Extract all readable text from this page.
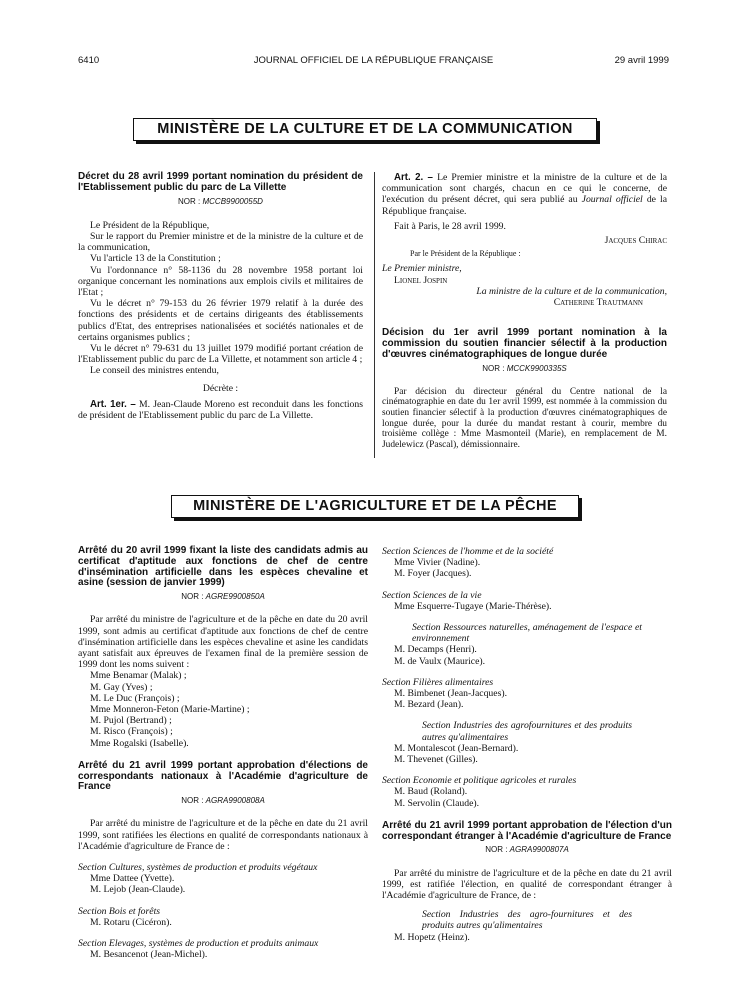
6410	JOURNAL OFFICIEL DE LA RÉPUBLIQUE FRANÇAISE	29 avril 1999
MINISTÈRE DE LA CULTURE ET DE LA COMMUNICATION

Décret du 28 avril 1999 portant nomination du président de l'Etablissement public du parc de La Villette

NOR : MCCB9900055D

Le Président de la République,

Sur le rapport du Premier ministre et de la ministre de la culture et de la communication,

Vu l'article 13 de la Constitution ;

Vu l'ordonnance n° 58-1136 du 28 novembre 1958 portant loi organique concernant les nominations aux emplois civils et militaires de l'Etat ;

Vu le décret n° 79-153 du 26 février 1979 relatif à la durée des fonctions des présidents et de certains dirigeants des établissements publics d'Etat, des entreprises nationalisées et sociétés nationales et de certains organismes publics ;

Vu le décret n° 79-631 du 13 juillet 1979 modifié portant création de l'Etablissement public du parc de La Villette, et notamment son article 4 ;

Le conseil des ministres entendu,

Décrète :

Art. 1er. – M. Jean-Claude Moreno est reconduit dans les fonctions de président de l'Etablissement public du parc de La Villette.

Art. 2. – Le Premier ministre et la ministre de la culture et de la communication sont chargés, chacun en ce qui le concerne, de l'exécution du présent décret, qui sera publié au Journal officiel de la République française.

Fait à Paris, le 28 avril 1999.

Jacques Chirac

Par le Président de la République :

Le Premier ministre,

Lionel Jospin

La ministre de la culture et de la communication,

Catherine Trautmann

Décision du 1er avril 1999 portant nomination à la commission du soutien financier sélectif à la production d'œuvres cinématographiques de longue durée

NOR : MCCK9900335S

Par décision du directeur général du Centre national de la cinématographie en date du 1er avril 1999, est nommée à la commission du soutien financier sélectif à la production d'œuvres cinématographiques de longue durée, pour la durée du mandat restant à courir, membre du troisième collège : Mme Masmonteil (Marie), en remplacement de M. Judelewicz (Pascal), démissionnaire.

MINISTÈRE DE L'AGRICULTURE ET DE LA PÊCHE

Arrêté du 20 avril 1999 fixant la liste des candidats admis au certificat d'aptitude aux fonctions de chef de centre d'insémination artificielle dans les espèces chevaline et asine (session de janvier 1999)

NOR : AGRE9900850A

Par arrêté du ministre de l'agriculture et de la pêche en date du 20 avril 1999, sont admis au certificat d'aptitude aux fonctions de chef de centre d'insémination artificielle dans les espèces chevaline et asine les candidats ayant satisfait aux épreuves de l'examen final de la première session de 1999 dont les noms suivent :

Mme Benamar (Malak) ;

M. Gay (Yves) ;

M. Le Duc (François) ;

Mme Monneron-Feton (Marie-Martine) ;

M. Pujol (Bertrand) ;

M. Risco (François) ;

Mme Rogalski (Isabelle).

Arrêté du 21 avril 1999 portant approbation d'élections de correspondants nationaux à l'Académie d'agriculture de France

NOR : AGRA9900808A

Par arrêté du ministre de l'agriculture et de la pêche en date du 21 avril 1999, sont ratifiées les élections en qualité de correspondants nationaux à l'Académie d'agriculture de France de :

Section Cultures, systèmes de production et produits végétaux

Mme Dattee (Yvette).

M. Lejob (Jean-Claude).

Section Bois et forêts

M. Rotaru (Cicéron).

Section Elevages, systèmes de production et produits animaux

M. Besancenot (Jean-Michel).

Section Sciences de l'homme et de la société

Mme Vivier (Nadine).

M. Foyer (Jacques).

Section Sciences de la vie

Mme Esquerre-Tugaye (Marie-Thérèse).

Section Ressources naturelles, aménagement de l'espace et environnement

M. Decamps (Henri).

M. de Vaulx (Maurice).

Section Filières alimentaires

M. Bimbenet (Jean-Jacques).

M. Bezard (Jean).

Section Industries des agrofournitures et des produits autres qu'alimentaires

M. Montalescot (Jean-Bernard).

M. Thevenet (Gilles).

Section Economie et politique agricoles et rurales

M. Baud (Roland).

M. Servolin (Claude).

Arrêté du 21 avril 1999 portant approbation de l'élection d'un correspondant étranger à l'Académie d'agriculture de France

NOR : AGRA9900807A

Par arrêté du ministre de l'agriculture et de la pêche en date du 21 avril 1999, est ratifiée l'élection, en qualité de correspondant étranger à l'Académie d'agriculture de France, de :

Section Industries des agro-fournitures et des produits autres qu'alimentaires

M. Hopetz (Heinz).
